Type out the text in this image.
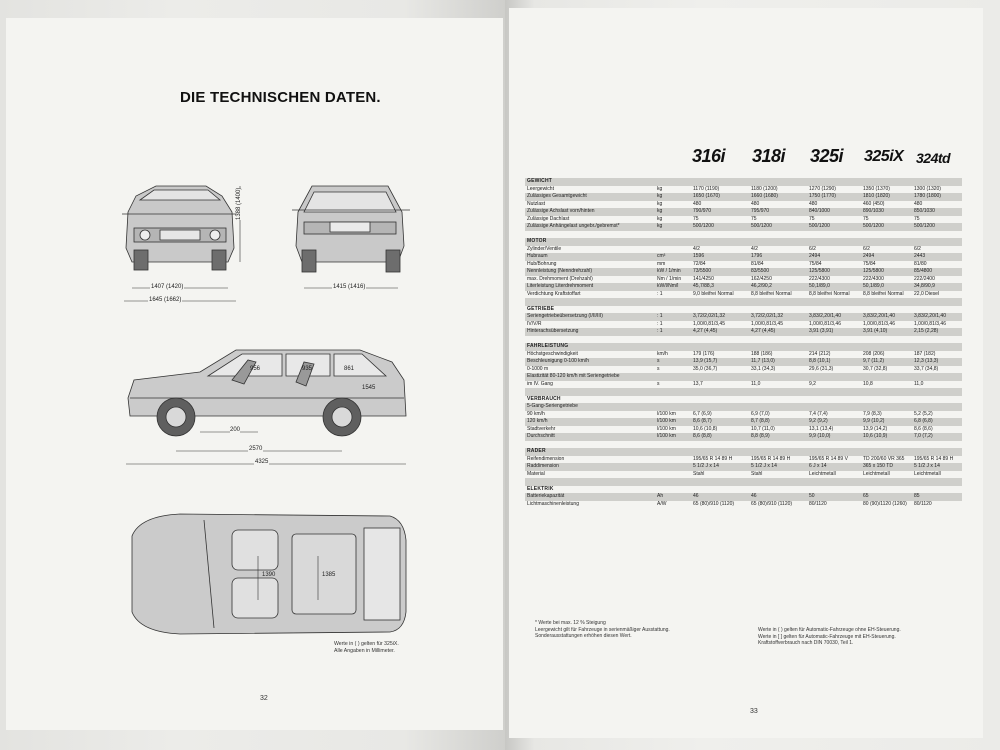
DIE TECHNISCHEN DATEN.
1407 (1420)
1645 (1662)
1388 (1400)
1415 (1416)
956	935	861
1545
200
2570
4325
1390	1385
Werte in ( ) gelten für 325iX.
Alle Angaben in Millimeter.
32
316i 318i 325i 325iX 324td
GEWICHT
Leergewicht	kg	1170 (1190)	1180 (1200)	1270 (1290)	1350 (1370)	1300 (1320)
Zulässiges Gesamtgewicht	kg	1650 (1670)	1660 (1680)	1750 (1770)	1810 (1820)	1780 (1800)
Nutzlast	kg	480	480	480	460 (450)	480
Zulässige Achslast vorn/hinten	kg	790/970	795/970	840/1000	890/1030	850/1030
Zulässige Dachlast	kg	75	75	75	75	75
Zulässige Anhängelast ungebr./gebremst*	kg	500/1200	500/1200	500/1200	500/1200	500/1200
MOTOR
Zylinder/Ventile	4/2	4/2	6/2	6/2	6/2
Hubraum	cm³	1596	1796	2494	2494	2443
Hub/Bohrung	mm	72/84	81/84	75/84	75/84	81/80
Nennleistung (Nenndrehzahl)	kW / 1/min	73/5500	83/5500	125/5800	125/5800	85/4800
max. Drehmoment (Drehzahl)	Nm / 1/min	141/4250	162/4250	222/4300	222/4300	222/2400
Literleistung Literdrehmoment	kW/l/Nm/l	45,7/88,3	46,2/90,2	50,1/89,0	50,1/89,0	34,8/90,9
Verdichtung Kraftstoffart	: 1	9,0 bleifrei Normal	8,8 bleifrei Normal	8,8 bleifrei Normal	8,8 bleifrei Normal	22,0 Diesel
GETRIEBE
Seriengetriebeübersetzung (I/II/III)	: 1	3,72/2,02/1,32	3,72/2,02/1,32	3,83/2,20/1,40	3,83/2,20/1,40	3,83/2,20/1,40
IV/V/R	: 1	1,00/0,81/3,45	1,00/0,81/3,45	1,00/0,81/3,46	1,00/0,81/3,46	1,00/0,81/3,46
Hinterachsübersetzung	: 1	4,27 (4,45)	4,27 (4,45)	3,91 (3,91)	3,91 (4,10)	2,15 (2,28)
FAHRLEISTUNG
Höchstgeschwindigkeit	km/h	179 (176)	188 (186)	214 (212)	208 (206)	187 (182)
Beschleunigung 0-100 km/h	s	13,9 (15,7)	11,7 (13,0)	8,8 (10,1)	9,7 (11,2)	12,3 (13,3)
0-1000 m	s	35,0 (36,7)	33,1 (34,3)	29,6 (31,3)	30,7 (32,8)	33,7 (34,8)
Elastizität 80-120 km/h mit Seriengetriebe
im IV. Gang	s	13,7	11,0	9,2	10,8	11,0
VERBRAUCH
5-Gang-Seriengetriebe
90 km/h	l/100 km	6,7 (6,9)	6,9 (7,0)	7,4 (7,4)	7,9 (8,3)	5,2 (5,2)
120 km/h	l/100 km	8,6 (8,7)	8,7 (8,8)	9,2 (9,2)	9,9 (10,2)	6,8 (6,8)
Stadtverkehr	l/100 km	10,6 (10,8)	10,7 (11,0)	13,1 (13,4)	13,9 (14,2)	8,6 (8,6)
Durchschnitt	l/100 km	8,6 (8,8)	8,8 (8,9)	9,9 (10,0)	10,6 (10,9)	7,0 (7,2)
RÄDER
Reifendimension	195/65 R 14 89 H	195/65 R 14 89 H	195/65 R 14 89 V	TD 200/60 VR 365	195/65 R 14 89 H
Raddimension	5 1/2 J x 14	5 1/2 J x 14	6 J x 14	365 x 150 TD	5 1/2 J x 14
Material	Stahl	Stahl	Leichtmetall	Leichtmetall	Leichtmetall
ELEKTRIK
Batteriekapazität	Ah	46	46	50	65	85
Lichtmaschinenleistung	A/W	65 (80)/910 (1120)	65 (80)/910 (1120)	80/1120	80 (90)/1120 (1260)	80/1120
* Werte bei max. 12 % Steigung
Leergewicht gilt für Fahrzeuge in serienmäßiger Ausstattung.
Sonderausstattungen erhöhen diesen Wert.
Werte in ( ) gelten für Automatic-Fahrzeuge ohne EH-Steuerung.
Werte in [ ] gelten für Automatic-Fahrzeuge mit EH-Steuerung.
Kraftstoffverbrauch nach DIN 70030, Teil 1.
33
